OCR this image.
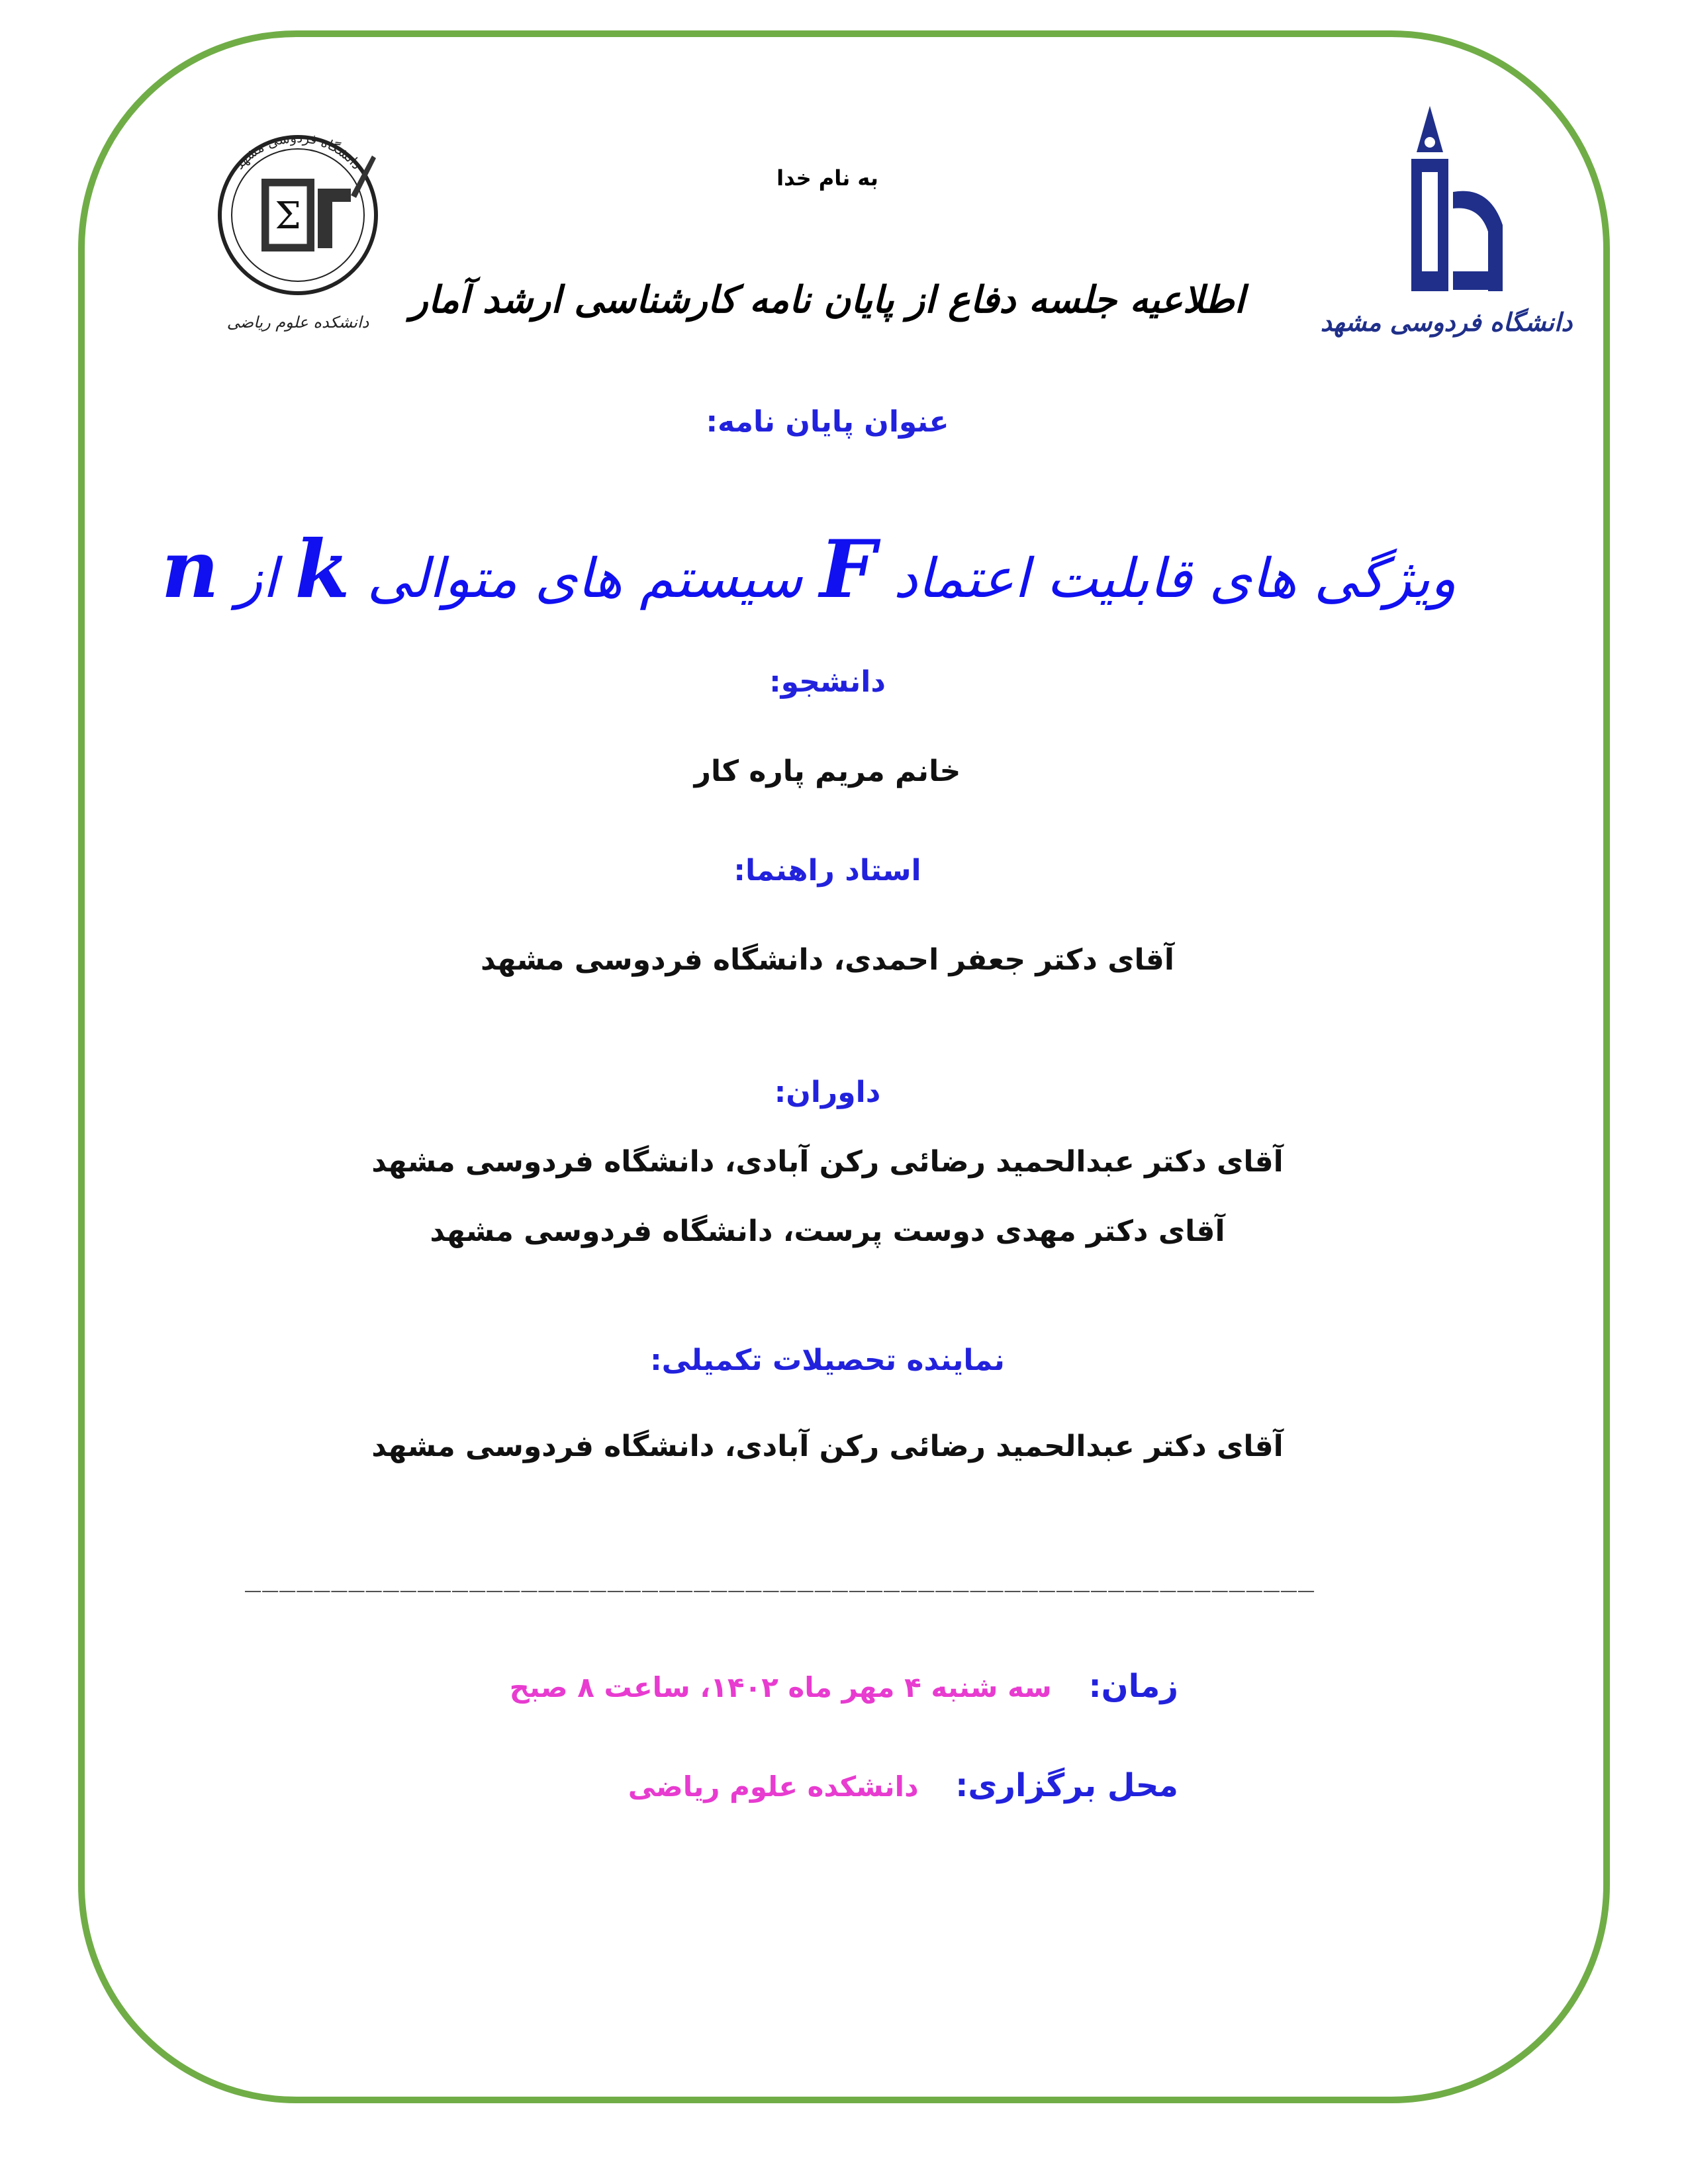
دانشگاه فردوسی مشهد
Σ
دانشکده علوم ریاضی	دانشگاه فردوسی مشهد
به نام خدا
اطلاعیه جلسه دفاع از پایان نامه کارشناسی ارشد آمار
عنوان پایان نامه:
ویژگی های قابلیت اعتماد F سیستم های متوالی k از n
دانشجو:
خانم مریم پاره کار
استاد راهنما:
آقای دکتر جعفر احمدی، دانشگاه فردوسی مشهد
داوران:
آقای دکتر عبدالحمید رضائی رکن آبادی، دانشگاه فردوسی مشهد
آقای دکتر مهدی دوست پرست، دانشگاه فردوسی مشهد
نماینده تحصیلات تکمیلی:
آقای دکتر عبدالحمید رضائی رکن آبادی، دانشگاه فردوسی مشهد
______________________________________________________________
زمان: سه شنبه ۴ مهر ماه ۱۴۰۲، ساعت ۸ صبح
محل برگزاری: دانشکده علوم ریاضی
